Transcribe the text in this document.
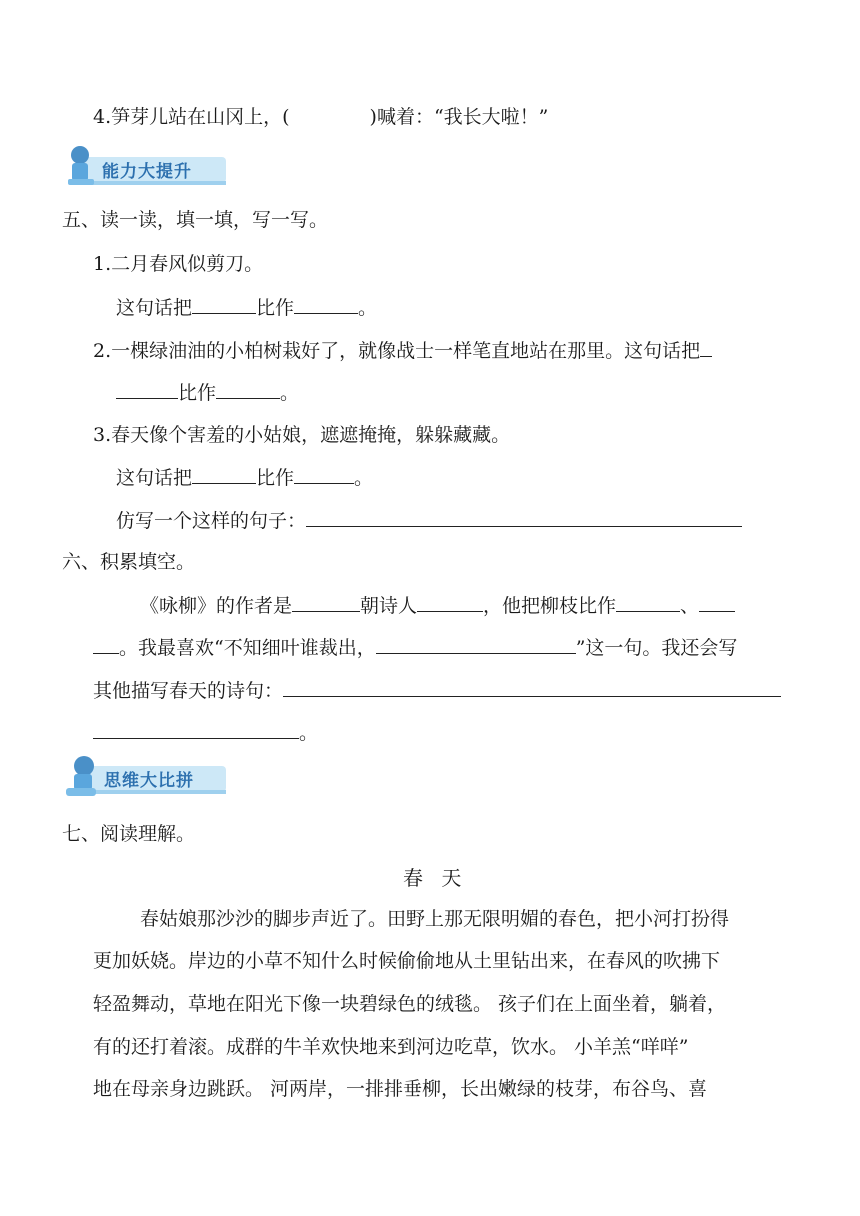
4.笋芽儿站在山冈上，(	)喊着：“我长大啦！”
能力大提升
五、读一读，填一填，写一写。
1.二月春风似剪刀。
这句话把	比作	。
2.一棵绿油油的小柏树栽好了，就像战士一样笔直地站在那里。这句话把
比作	。
3.春天像个害羞的小姑娘，遮遮掩掩，躲躲藏藏。
这句话把	比作	。
仿写一个这样的句子：
六、积累填空。
《咏柳》的作者是	朝诗人	，他把柳枝比作	、
。我最喜欢“不知细叶谁裁出，	”这一句。我还会写
其他描写春天的诗句：
。
思维大比拼
七、阅读理解。
春 天
春姑娘那沙沙的脚步声近了。田野上那无限明媚的春色，把小河打扮得
更加妖娆。岸边的小草不知什么时候偷偷地从土里钻出来，在春风的吹拂下
轻盈舞动，草地在阳光下像一块碧绿色的绒毯。 孩子们在上面坐着，躺着，
有的还打着滚。成群的牛羊欢快地来到河边吃草，饮水。 小羊羔“咩咩”
地在母亲身边跳跃。 河两岸，一排排垂柳，长出嫩绿的枝芽，布谷鸟、喜
